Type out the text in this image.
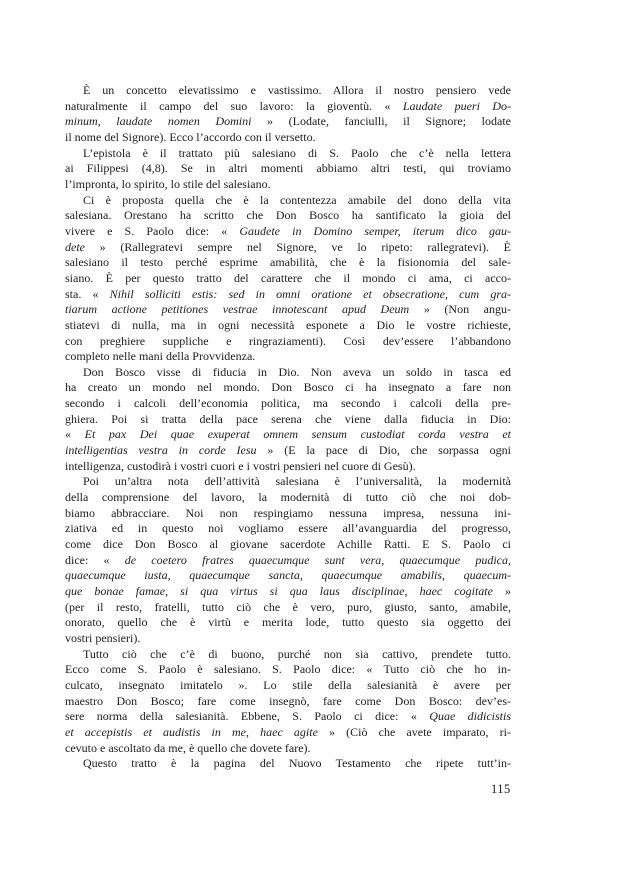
È un concetto elevatissimo e vastissimo. Allora il nostro pensiero vede
naturalmente il campo del suo lavoro: la gioventù. « Laudate pueri Do-
minum, laudate nomen Domini » (Lodate, fanciulli, il Signore; lodate
il nome del Signore). Ecco l’accordo con il versetto.
L’epistola è il trattato più salesiano di S. Paolo che c’è nella lettera
ai Filippesi (4,8). Se in altri momenti abbiamo altri testi, qui troviamo
l’impronta, lo spirito, lo stile del salesiano.
Ci è proposta quella che è la contentezza amabile del dono della vita
salesiana. Orestano ha scritto che Don Bosco ha santificato la gioia del
vivere e S. Paolo dice: « Gaudete in Domino semper, iterum dico gau-
dete » (Rallegratevi sempre nel Signore, ve lo ripeto: rallegratevi). È
salesiano il testo perché esprime amabilità, che è la fisionomia del sale-
siano. È per questo tratto del carattere che il mondo ci ama, ci acco-
sta. « Nihil solliciti estis: sed in omni oratione et obsecratione, cum gra-
tiarum actione petitiones vestrae innotescant apud Deum » (Non angu-
stiatevi di nulla, ma in ogni necessità esponete a Dio le vostre richieste,
con preghiere suppliche e ringraziamenti). Così dev’essere l’abbandono
completo nelle mani della Provvidenza.
Don Bosco visse di fiducia in Dio. Non aveva un soldo in tasca ed
ha creato un mondo nel mondo. Don Bosco ci ha insegnato a fare non
secondo i calcoli dell’economia politica, ma secondo i calcoli della pre-
ghiera. Poi si tratta della pace serena che viene dalla fiducia in Dio:
« Et pax Dei quae exuperat omnem sensum custodiat corda vestra et
intelligentias vestra in corde Iesu » (E la pace di Dio, che sorpassa ogni
intelligenza, custodirà i vostri cuori e i vostri pensieri nel cuore di Gesù).
Poi un’altra nota dell’attività salesiana è l’universalità, la modernità
della comprensione del lavoro, la modernità di tutto ciò che noi dob-
biamo abbracciare. Noi non respingiamo nessuna impresa, nessuna ini-
ziativa ed in questo noi vogliamo essere all’avanguardia del progresso,
come dice Don Bosco al giovane sacerdote Achille Ratti. E S. Paolo ci
dice: « de coetero fratres quaecumque sunt vera, quaecumque pudica,
quaecumque iusta, quaecumque sancta, quaecumque amabilis, quaecum-
que bonae famae, si qua virtus si qua laus disciplinae, haec cogitate »
(per il resto, fratelli, tutto ciò che è vero, puro, giusto, santo, amabile,
onorato, quello che è virtù e merita lode, tutto questo sia oggetto dei
vostri pensieri).
Tutto ciò che c’è di buono, purché non sia cattivo, prendete tutto.
Ecco come S. Paolo è salesiano. S. Paolo dice: « Tutto ciò che ho in-
culcato, insegnato imitatelo ». Lo stile della salesianità è avere per
maestro Don Bosco; fare come insegnò, fare come Don Bosco: dev’es-
sere norma della salesianità. Ebbene, S. Paolo ci dice: « Quae didicistis
et accepistis et audistis in me, haec agite » (Ciò che avete imparato, ri-
cevuto e ascoltato da me, è quello che dovete fare).
Questo tratto è la pagina del Nuovo Testamento che ripete tutt’in-
115
